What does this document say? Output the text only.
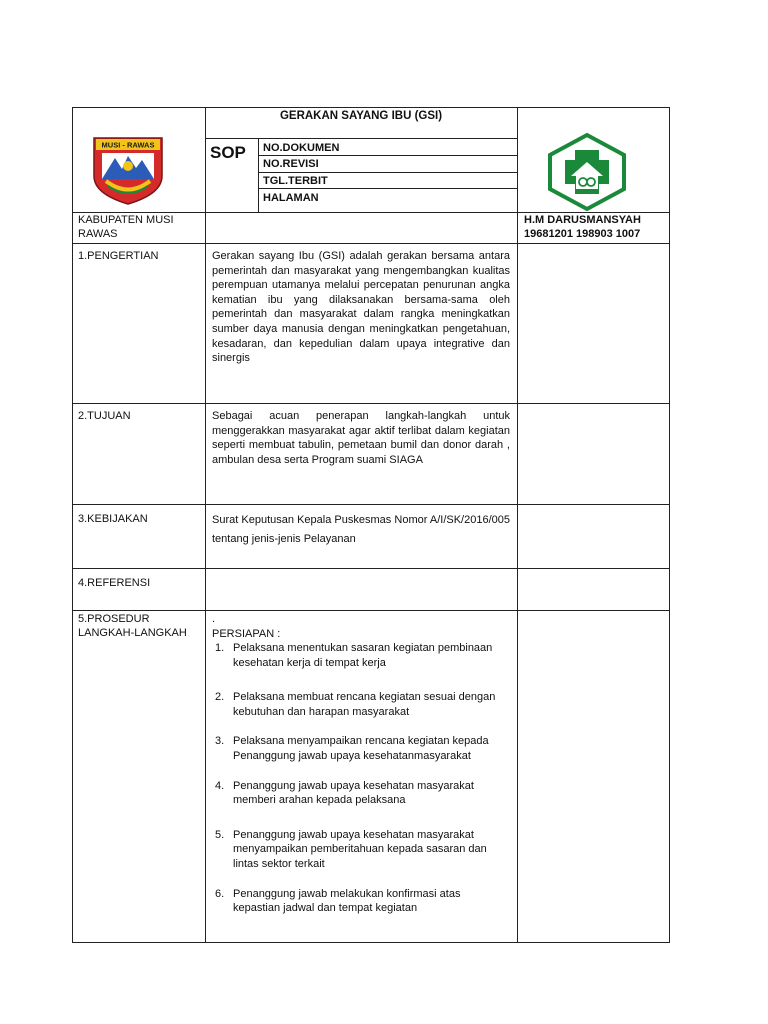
MUSI - RAWAS
GERAKAN SAYANG IBU (GSI)
SOP NO.DOKUMEN
NO.REVISI
TGL.TERBIT
HALAMAN
KABUPATEN MUSI RAWAS
H.M DARUSMANSYAH
19681201 198903 1007
1.PENGERTIAN	Gerakan sayang Ibu (GSI) adalah gerakan bersama antara pemerintah dan masyarakat yang mengembangkan kualitas perempuan utamanya melalui percepatan penurunan angka kematian ibu yang dilaksanakan bersama-sama oleh pemerintah dan masyarakat dalam rangka meningkatkan sumber daya manusia dengan meningkatkan pengetahuan, kesadaran, dan kepedulian dalam upaya integrative dan sinergis
2.TUJUAN	Sebagai acuan penerapan langkah-langkah untuk menggerakkan masyarakat agar aktif terlibat dalam kegiatan seperti membuat tabulin, pemetaan bumil dan donor darah , ambulan desa serta Program suami SIAGA
3.KEBIJAKAN	Surat Keputusan Kepala Puskesmas Nomor A/I/SK/2016/005 tentang jenis-jenis Pelayanan
4.REFERENSI
5.PROSEDUR
LANGKAH-LANGKAH
.
PERSIAPAN :
1. Pelaksana menentukan sasaran kegiatan pembinaan kesehatan kerja di tempat kerja
2. Pelaksana membuat rencana kegiatan sesuai dengan kebutuhan dan harapan masyarakat
3. Pelaksana menyampaikan rencana kegiatan kepada Penanggung jawab upaya kesehatanmasyarakat
4. Penanggung jawab upaya kesehatan masyarakat memberi arahan kepada pelaksana
5. Penanggung jawab upaya kesehatan masyarakat menyampaikan pemberitahuan kepada sasaran dan lintas sektor terkait
6. Penanggung jawab melakukan konfirmasi atas kepastian jadwal dan tempat kegiatan
